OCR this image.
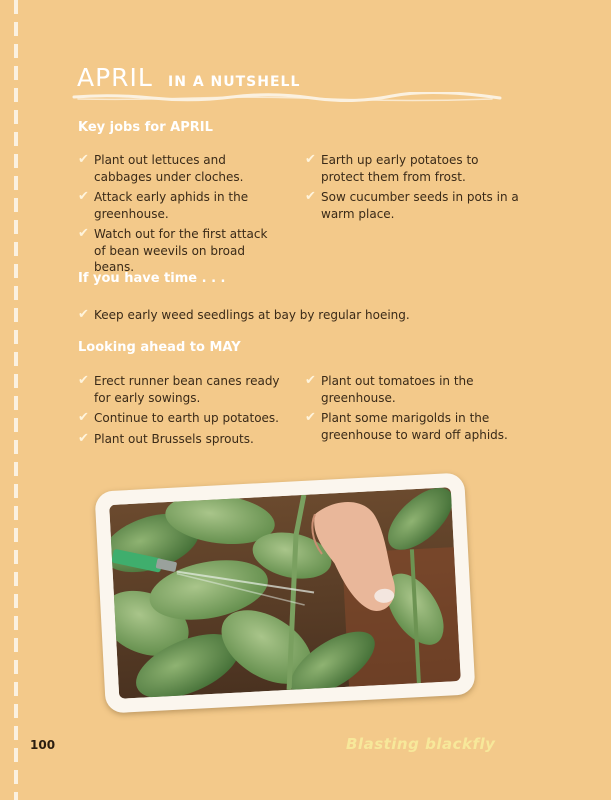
APRIL IN A NUTSHELL
Key jobs for APRIL
✔ Plant out lettuces and cabbages under cloches.
✔ Attack early aphids in the greenhouse.
✔ Watch out for the first attack of bean weevils on broad beans.
✔ Earth up early potatoes to protect them from frost.
✔ Sow cucumber seeds in pots in a warm place.
If you have time . . .
✔ Keep early weed seedlings at bay by regular hoeing.
Looking ahead to MAY
✔ Erect runner bean canes ready for early sowings.
✔ Continue to earth up potatoes.
✔ Plant out Brussels sprouts.
✔ Plant out tomatoes in the greenhouse.
✔ Plant some marigolds in the greenhouse to ward off aphids.

100	Blasting blackfly
